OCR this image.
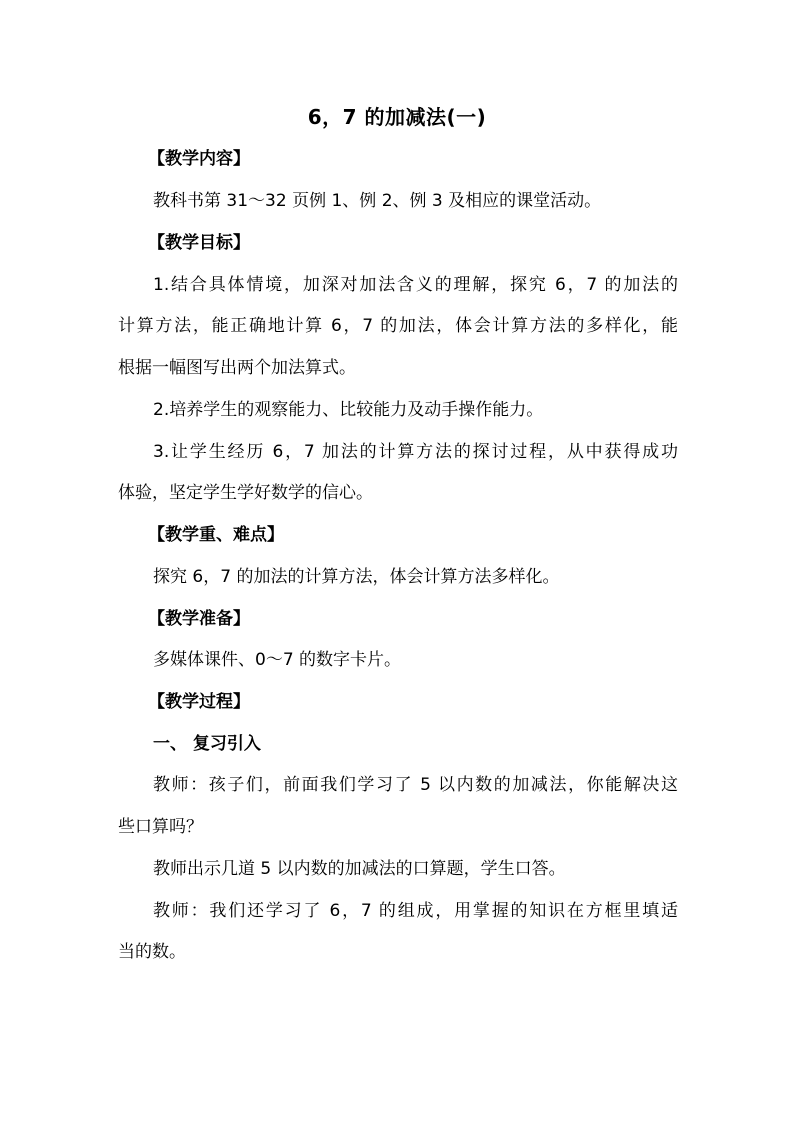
6，7 的加减法(一)
【教学内容】
教科书第 31～32 页例 1、例 2、例 3 及相应的课堂活动。
【教学目标】
1.结合具体情境，加深对加法含义的理解，探究 6，7 的加法的
计算方法，能正确地计算 6，7 的加法，体会计算方法的多样化，能
根据一幅图写出两个加法算式。
2.培养学生的观察能力、比较能力及动手操作能力。
3.让学生经历 6，7 加法的计算方法的探讨过程，从中获得成功
体验，坚定学生学好数学的信心。
【教学重、难点】
探究 6，7 的加法的计算方法，体会计算方法多样化。
【教学准备】
多媒体课件、0～7 的数字卡片。
【教学过程】
一、 复习引入
教师：孩子们，前面我们学习了 5 以内数的加减法，你能解决这
些口算吗？
教师出示几道 5 以内数的加减法的口算题，学生口答。
教师：我们还学习了 6，7 的组成，用掌握的知识在方框里填适
当的数。
